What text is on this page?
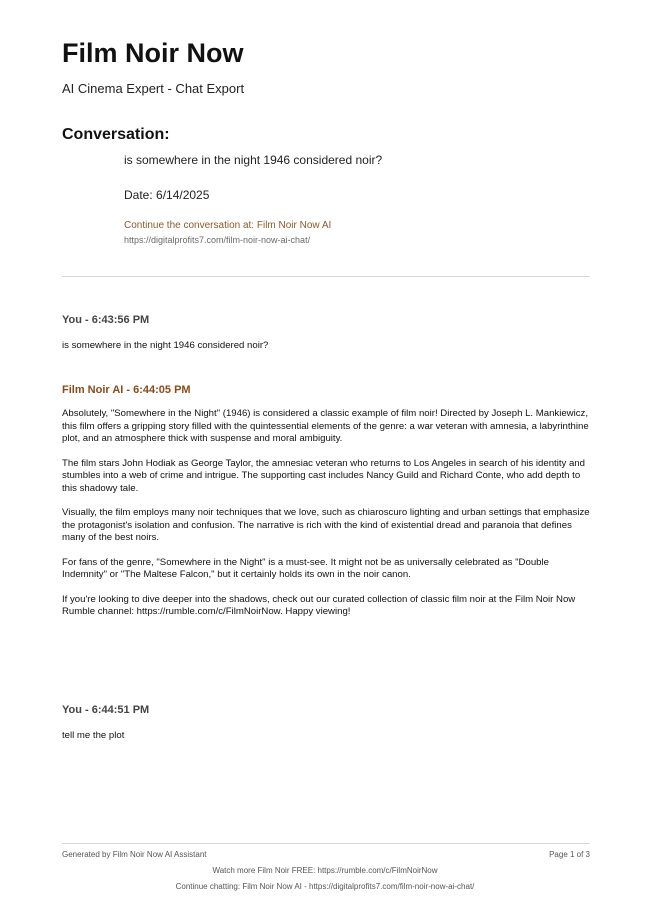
Film Noir Now
AI Cinema Expert - Chat Export
Conversation:
is somewhere in the night 1946 considered noir?
Date: 6/14/2025
Continue the conversation at: Film Noir Now AI
https://digitalprofits7.com/film-noir-now-ai-chat/
You - 6:43:56 PM

is somewhere in the night 1946 considered noir?

Film Noir AI - 6:44:05 PM

Absolutely, "Somewhere in the Night" (1946) is considered a classic example of film noir! Directed by Joseph L. Mankiewicz, this film offers a gripping story filled with the quintessential elements of the genre: a war veteran with amnesia, a labyrinthine plot, and an atmosphere thick with suspense and moral ambiguity.

The film stars John Hodiak as George Taylor, the amnesiac veteran who returns to Los Angeles in search of his identity and stumbles into a web of crime and intrigue. The supporting cast includes Nancy Guild and Richard Conte, who add depth to this shadowy tale.

Visually, the film employs many noir techniques that we love, such as chiaroscuro lighting and urban settings that emphasize the protagonist's isolation and confusion. The narrative is rich with the kind of existential dread and paranoia that defines many of the best noirs.

For fans of the genre, "Somewhere in the Night" is a must-see. It might not be as universally celebrated as "Double Indemnity" or "The Maltese Falcon," but it certainly holds its own in the noir canon.

If you're looking to dive deeper into the shadows, check out our curated collection of classic film noir at the Film Noir Now Rumble channel: https://rumble.com/c/FilmNoirNow. Happy viewing!

You - 6:44:51 PM

tell me the plot

Generated by Film Noir Now AI Assistant	Page 1 of 3
Watch more Film Noir FREE: https://rumble.com/c/FilmNoirNow
Continue chatting: Film Noir Now AI - https://digitalprofits7.com/film-noir-now-ai-chat/
